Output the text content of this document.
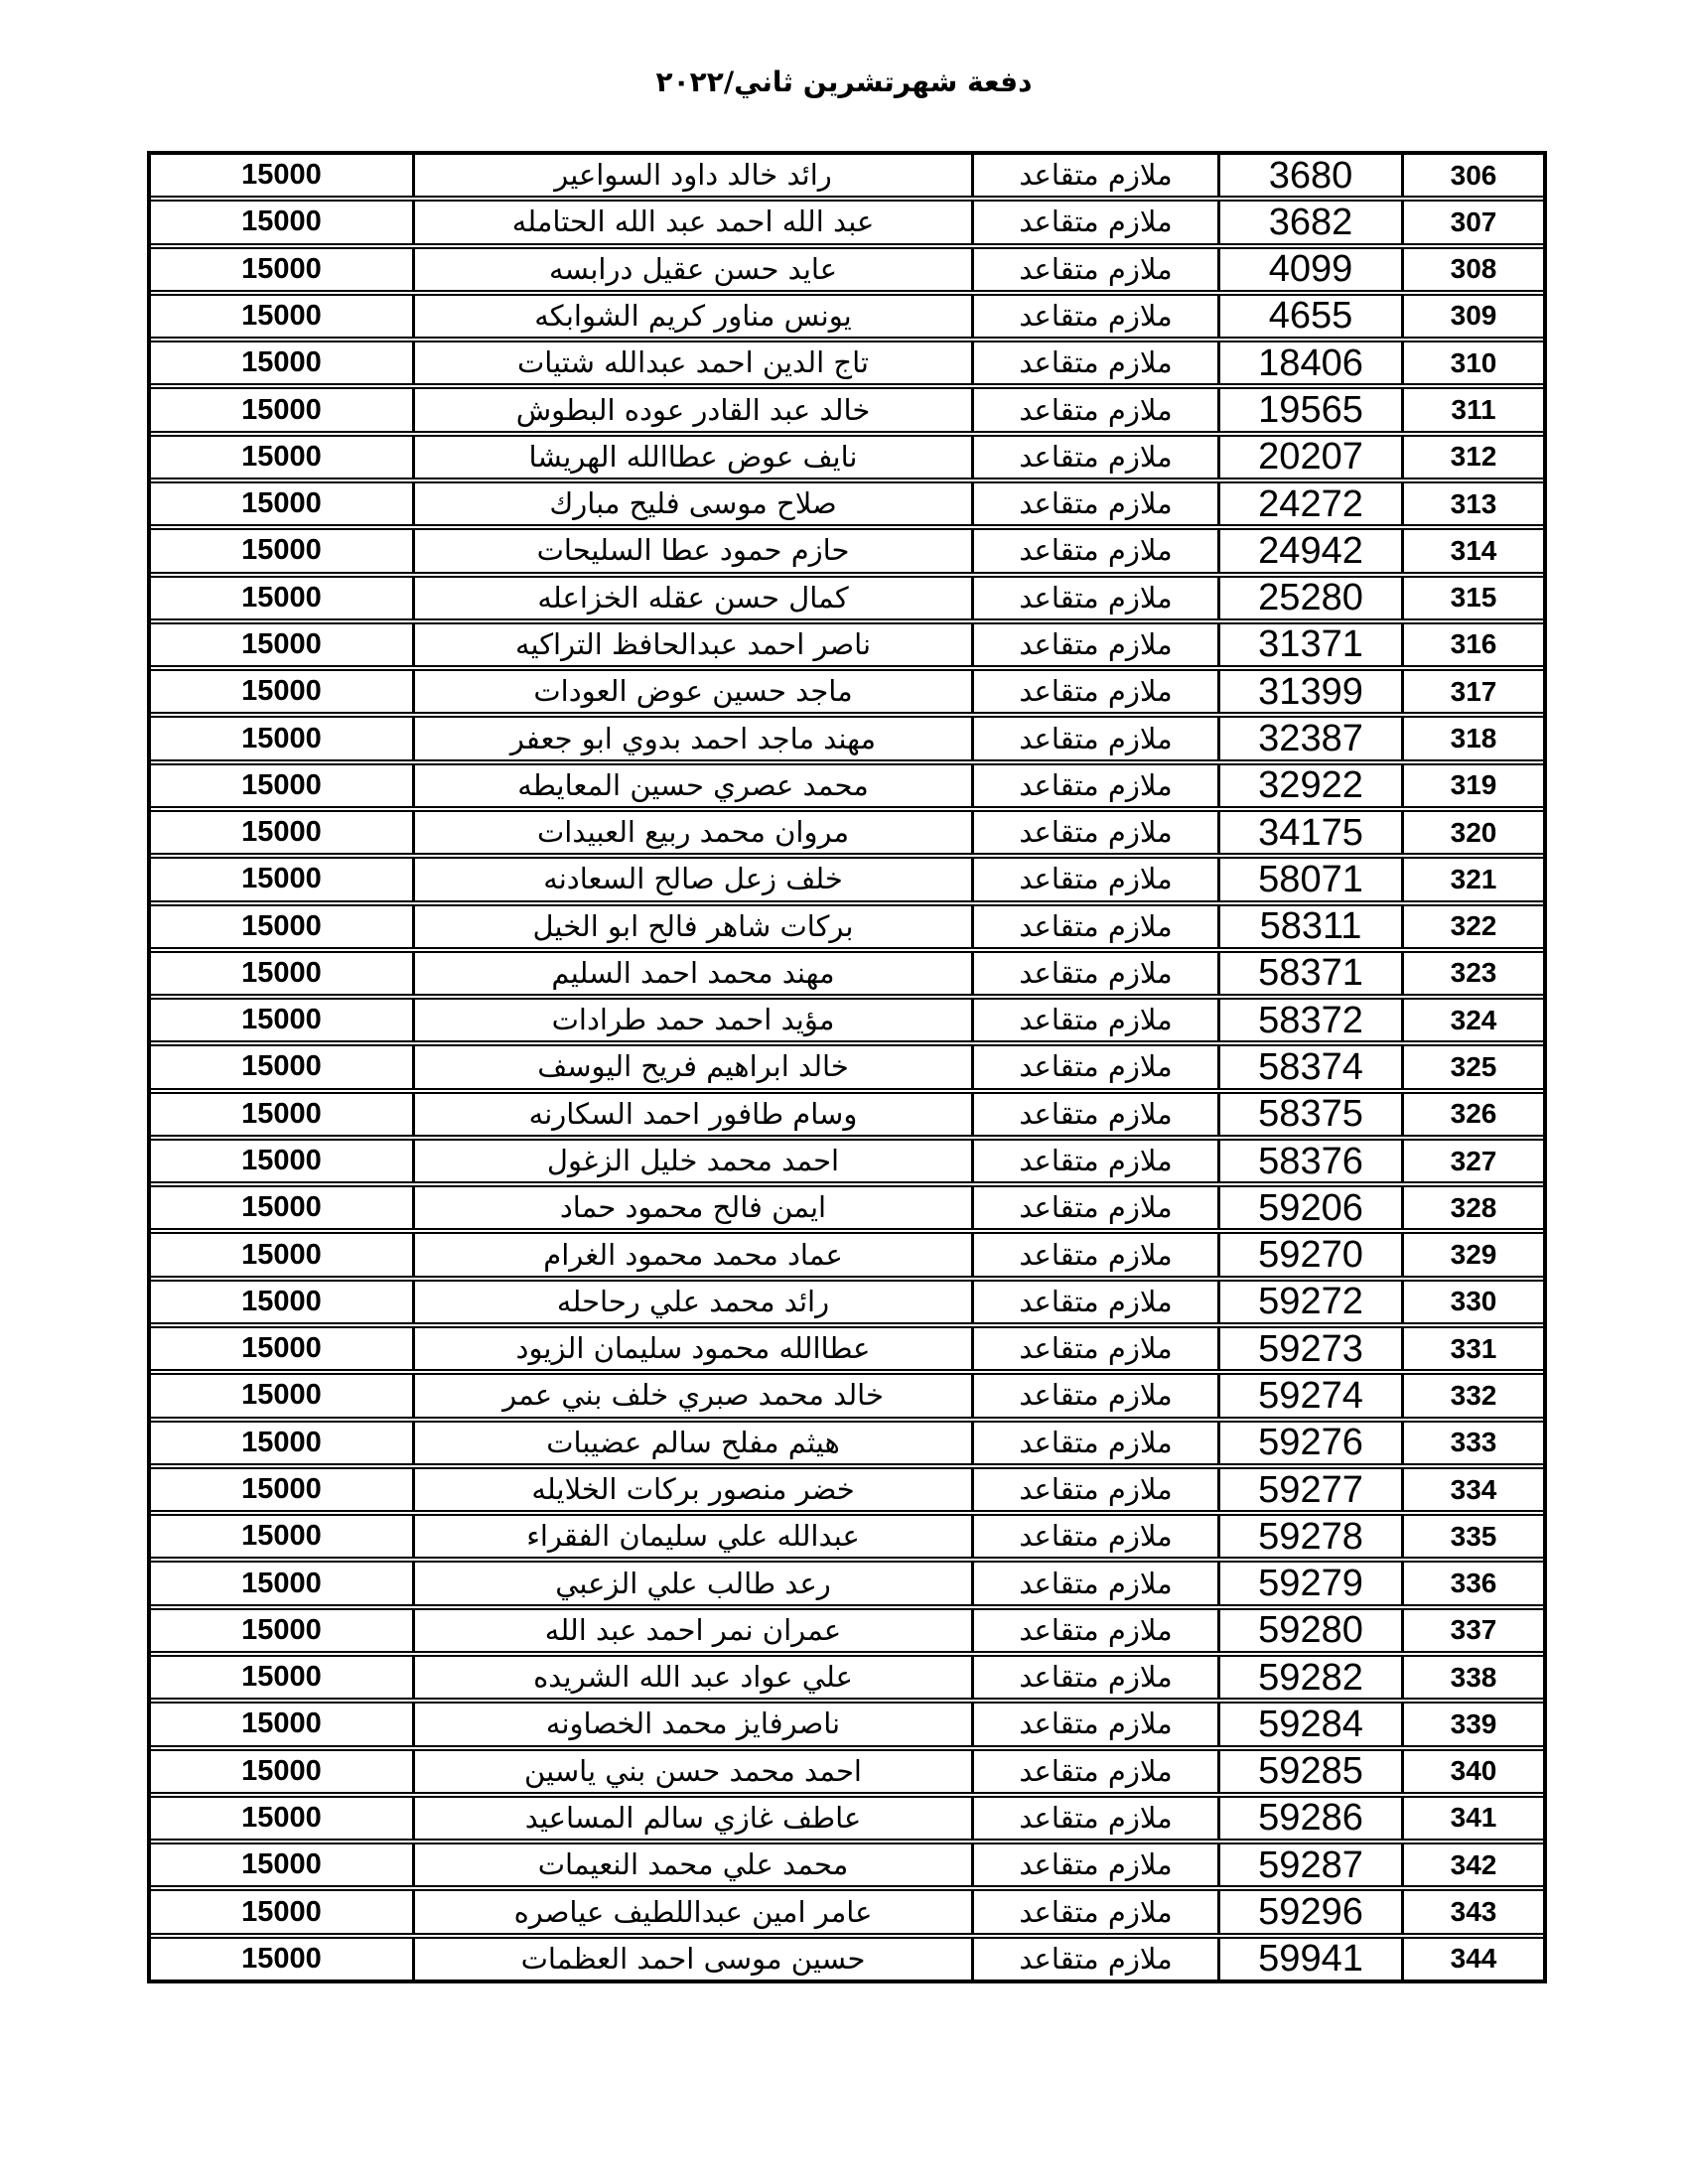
دفعة شهرتشرين ثاني/٢٠٢٢
306
3680
ملازم متقاعد
رائد خالد داود السواعير
15000
307
3682
ملازم متقاعد
عبد الله احمد عبد الله الحتامله
15000
308
4099
ملازم متقاعد
عايد حسن عقيل درابسه
15000
309
4655
ملازم متقاعد
يونس مناور كريم الشوابكه
15000
310
18406
ملازم متقاعد
تاج الدين احمد عبدالله شتيات
15000
311
19565
ملازم متقاعد
خالد عبد القادر عوده البطوش
15000
312
20207
ملازم متقاعد
نايف عوض عطاالله الهريشا
15000
313
24272
ملازم متقاعد
صلاح موسى فليح مبارك
15000
314
24942
ملازم متقاعد
حازم حمود عطا السليحات
15000
315
25280
ملازم متقاعد
كمال حسن عقله الخزاعله
15000
316
31371
ملازم متقاعد
ناصر احمد عبدالحافظ التراكيه
15000
317
31399
ملازم متقاعد
ماجد حسين عوض العودات
15000
318
32387
ملازم متقاعد
مهند ماجد احمد بدوي ابو جعفر
15000
319
32922
ملازم متقاعد
محمد عصري حسين المعايطه
15000
320
34175
ملازم متقاعد
مروان محمد ربيع العبيدات
15000
321
58071
ملازم متقاعد
خلف زعل صالح السعادنه
15000
322
58311
ملازم متقاعد
بركات شاهر فالح ابو الخيل
15000
323
58371
ملازم متقاعد
مهند محمد احمد السليم
15000
324
58372
ملازم متقاعد
مؤيد احمد حمد طرادات
15000
325
58374
ملازم متقاعد
خالد ابراهيم فريح اليوسف
15000
326
58375
ملازم متقاعد
وسام طافور احمد السكارنه
15000
327
58376
ملازم متقاعد
احمد محمد خليل الزغول
15000
328
59206
ملازم متقاعد
ايمن فالح محمود حماد
15000
329
59270
ملازم متقاعد
عماد محمد محمود الغرام
15000
330
59272
ملازم متقاعد
رائد محمد علي رحاحله
15000
331
59273
ملازم متقاعد
عطاالله محمود سليمان الزيود
15000
332
59274
ملازم متقاعد
خالد محمد صبري خلف بني عمر
15000
333
59276
ملازم متقاعد
هيثم مفلح سالم عضيبات
15000
334
59277
ملازم متقاعد
خضر منصور بركات الخلايله
15000
335
59278
ملازم متقاعد
عبدالله علي سليمان الفقراء
15000
336
59279
ملازم متقاعد
رعد طالب علي الزعبي
15000
337
59280
ملازم متقاعد
عمران نمر احمد عبد الله
15000
338
59282
ملازم متقاعد
علي عواد عبد الله الشريده
15000
339
59284
ملازم متقاعد
ناصرفايز محمد الخصاونه
15000
340
59285
ملازم متقاعد
احمد محمد حسن بني ياسين
15000
341
59286
ملازم متقاعد
عاطف غازي سالم المساعيد
15000
342
59287
ملازم متقاعد
محمد علي محمد النعيمات
15000
343
59296
ملازم متقاعد
عامر امين عبداللطيف عياصره
15000
344
59941
ملازم متقاعد
حسين موسى احمد العظمات
15000
